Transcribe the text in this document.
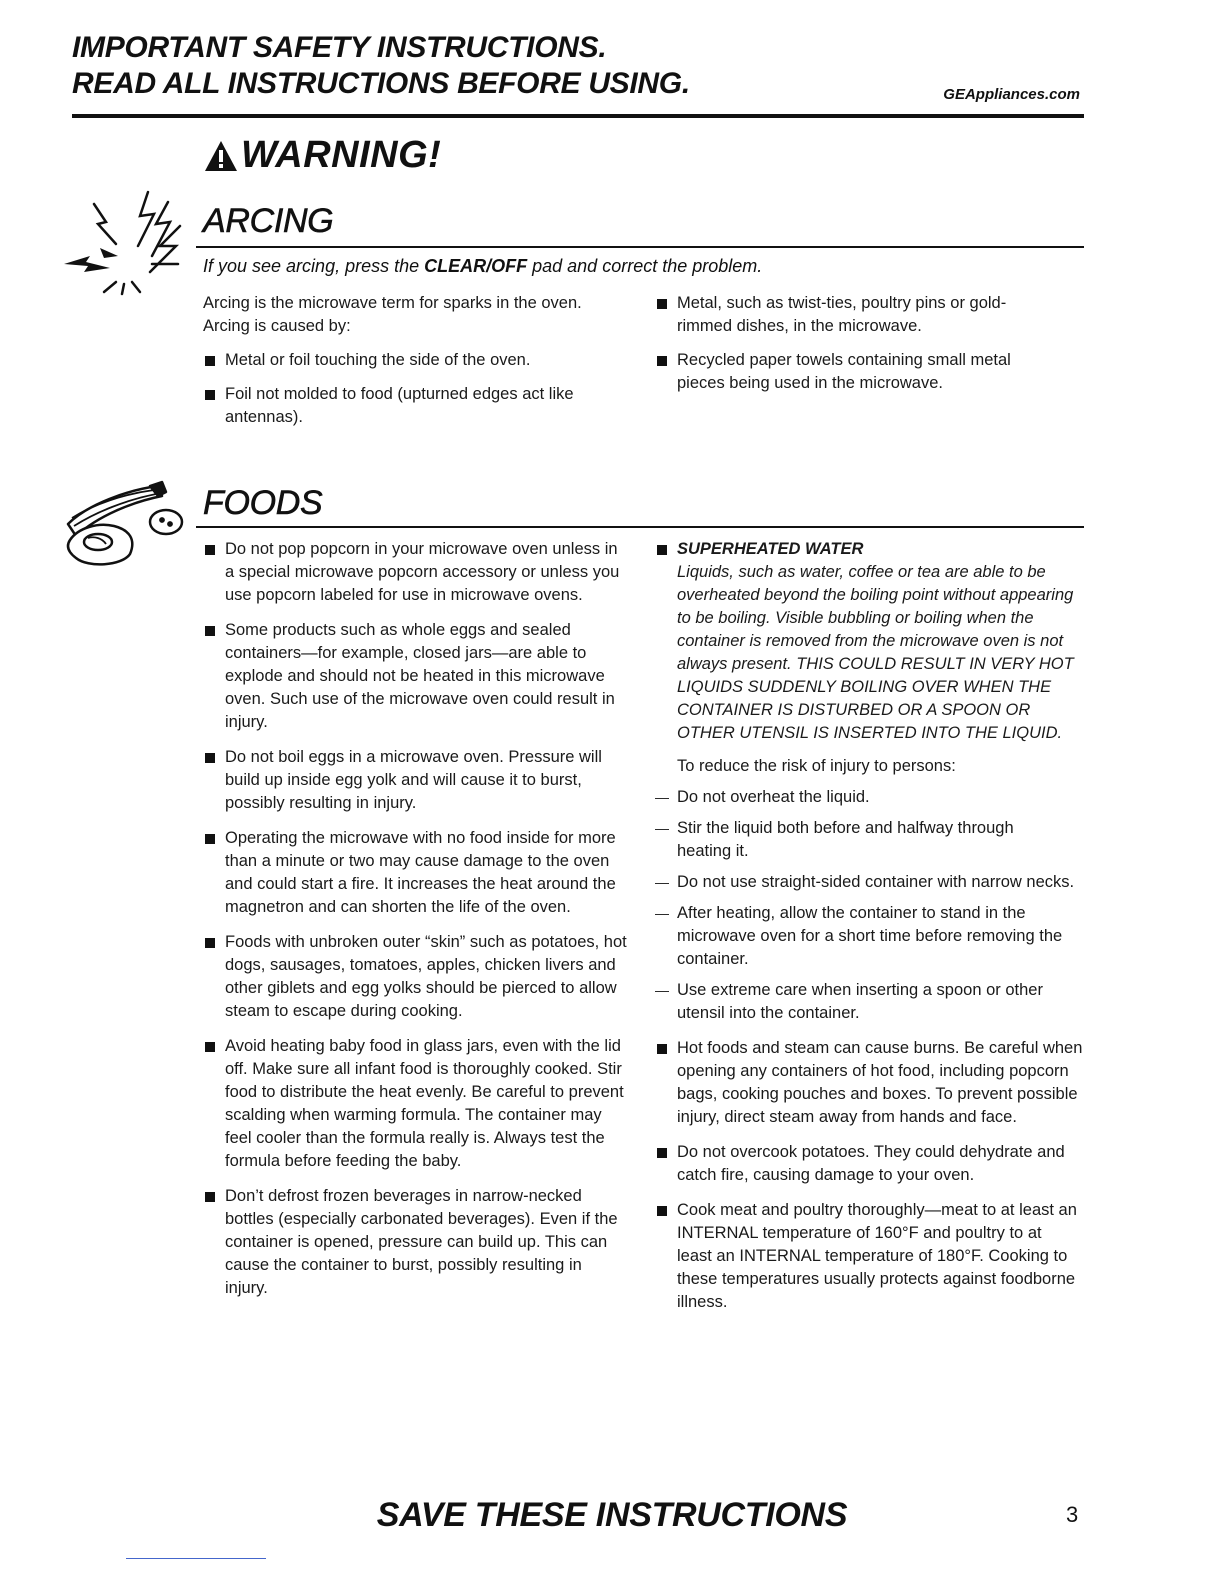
IMPORTANT SAFETY INSTRUCTIONS.
READ ALL INSTRUCTIONS BEFORE USING.	GEAppliances.com
WARNING!
ARCING
If you see arcing, press the CLEAR/OFF pad and correct the problem.

Arcing is the microwave term for sparks in the oven.

Arcing is caused by:

Metal or foil touching the side of the oven.

Foil not molded to food (upturned edges act like antennas).

Metal, such as twist-ties, poultry pins or gold-rimmed dishes, in the microwave.

Recycled paper towels containing small metal pieces being used in the microwave.

FOODS

Do not pop popcorn in your microwave oven unless in a special microwave popcorn accessory or unless you use popcorn labeled for use in microwave ovens.

Some products such as whole eggs and sealed containers—for example, closed jars—are able to explode and should not be heated in this microwave oven. Such use of the microwave oven could result in injury.

Do not boil eggs in a microwave oven. Pressure will build up inside egg yolk and will cause it to burst, possibly resulting in injury.

Operating the microwave with no food inside for more than a minute or two may cause damage to the oven and could start a fire. It increases the heat around the magnetron and can shorten the life of the oven.

Foods with unbroken outer “skin” such as potatoes, hot dogs, sausages, tomatoes, apples, chicken livers and other giblets and egg yolks should be pierced to allow steam to escape during cooking.

Avoid heating baby food in glass jars, even with the lid off. Make sure all infant food is thoroughly cooked. Stir food to distribute the heat evenly. Be careful to prevent scalding when warming formula. The container may feel cooler than the formula really is. Always test the formula before feeding the baby.

Don’t defrost frozen beverages in narrow-necked bottles (especially carbonated beverages). Even if the container is opened, pressure can build up. This can cause the container to burst, possibly resulting in injury.

SUPERHEATED WATER

Liquids, such as water, coffee or tea are able to be overheated beyond the boiling point without appearing to be boiling. Visible bubbling or boiling when the container is removed from the microwave oven is not always present. THIS COULD RESULT IN VERY HOT LIQUIDS SUDDENLY BOILING OVER WHEN THE CONTAINER IS DISTURBED OR A SPOON OR OTHER UTENSIL IS INSERTED INTO THE LIQUID.

To reduce the risk of injury to persons:

— Do not overheat the liquid.

— Stir the liquid both before and halfway through heating it.

— Do not use straight-sided container with narrow necks.

— After heating, allow the container to stand in the microwave oven for a short time before removing the container.

— Use extreme care when inserting a spoon or other utensil into the container.

Hot foods and steam can cause burns. Be careful when opening any containers of hot food, including popcorn bags, cooking pouches and boxes. To prevent possible injury, direct steam away from hands and face.

Do not overcook potatoes. They could dehydrate and catch fire, causing damage to your oven.

Cook meat and poultry thoroughly—meat to at least an INTERNAL temperature of 160°F and poultry to at least an INTERNAL temperature of 180°F. Cooking to these temperatures usually protects against foodborne illness.

SAVE THESE INSTRUCTIONS	3
